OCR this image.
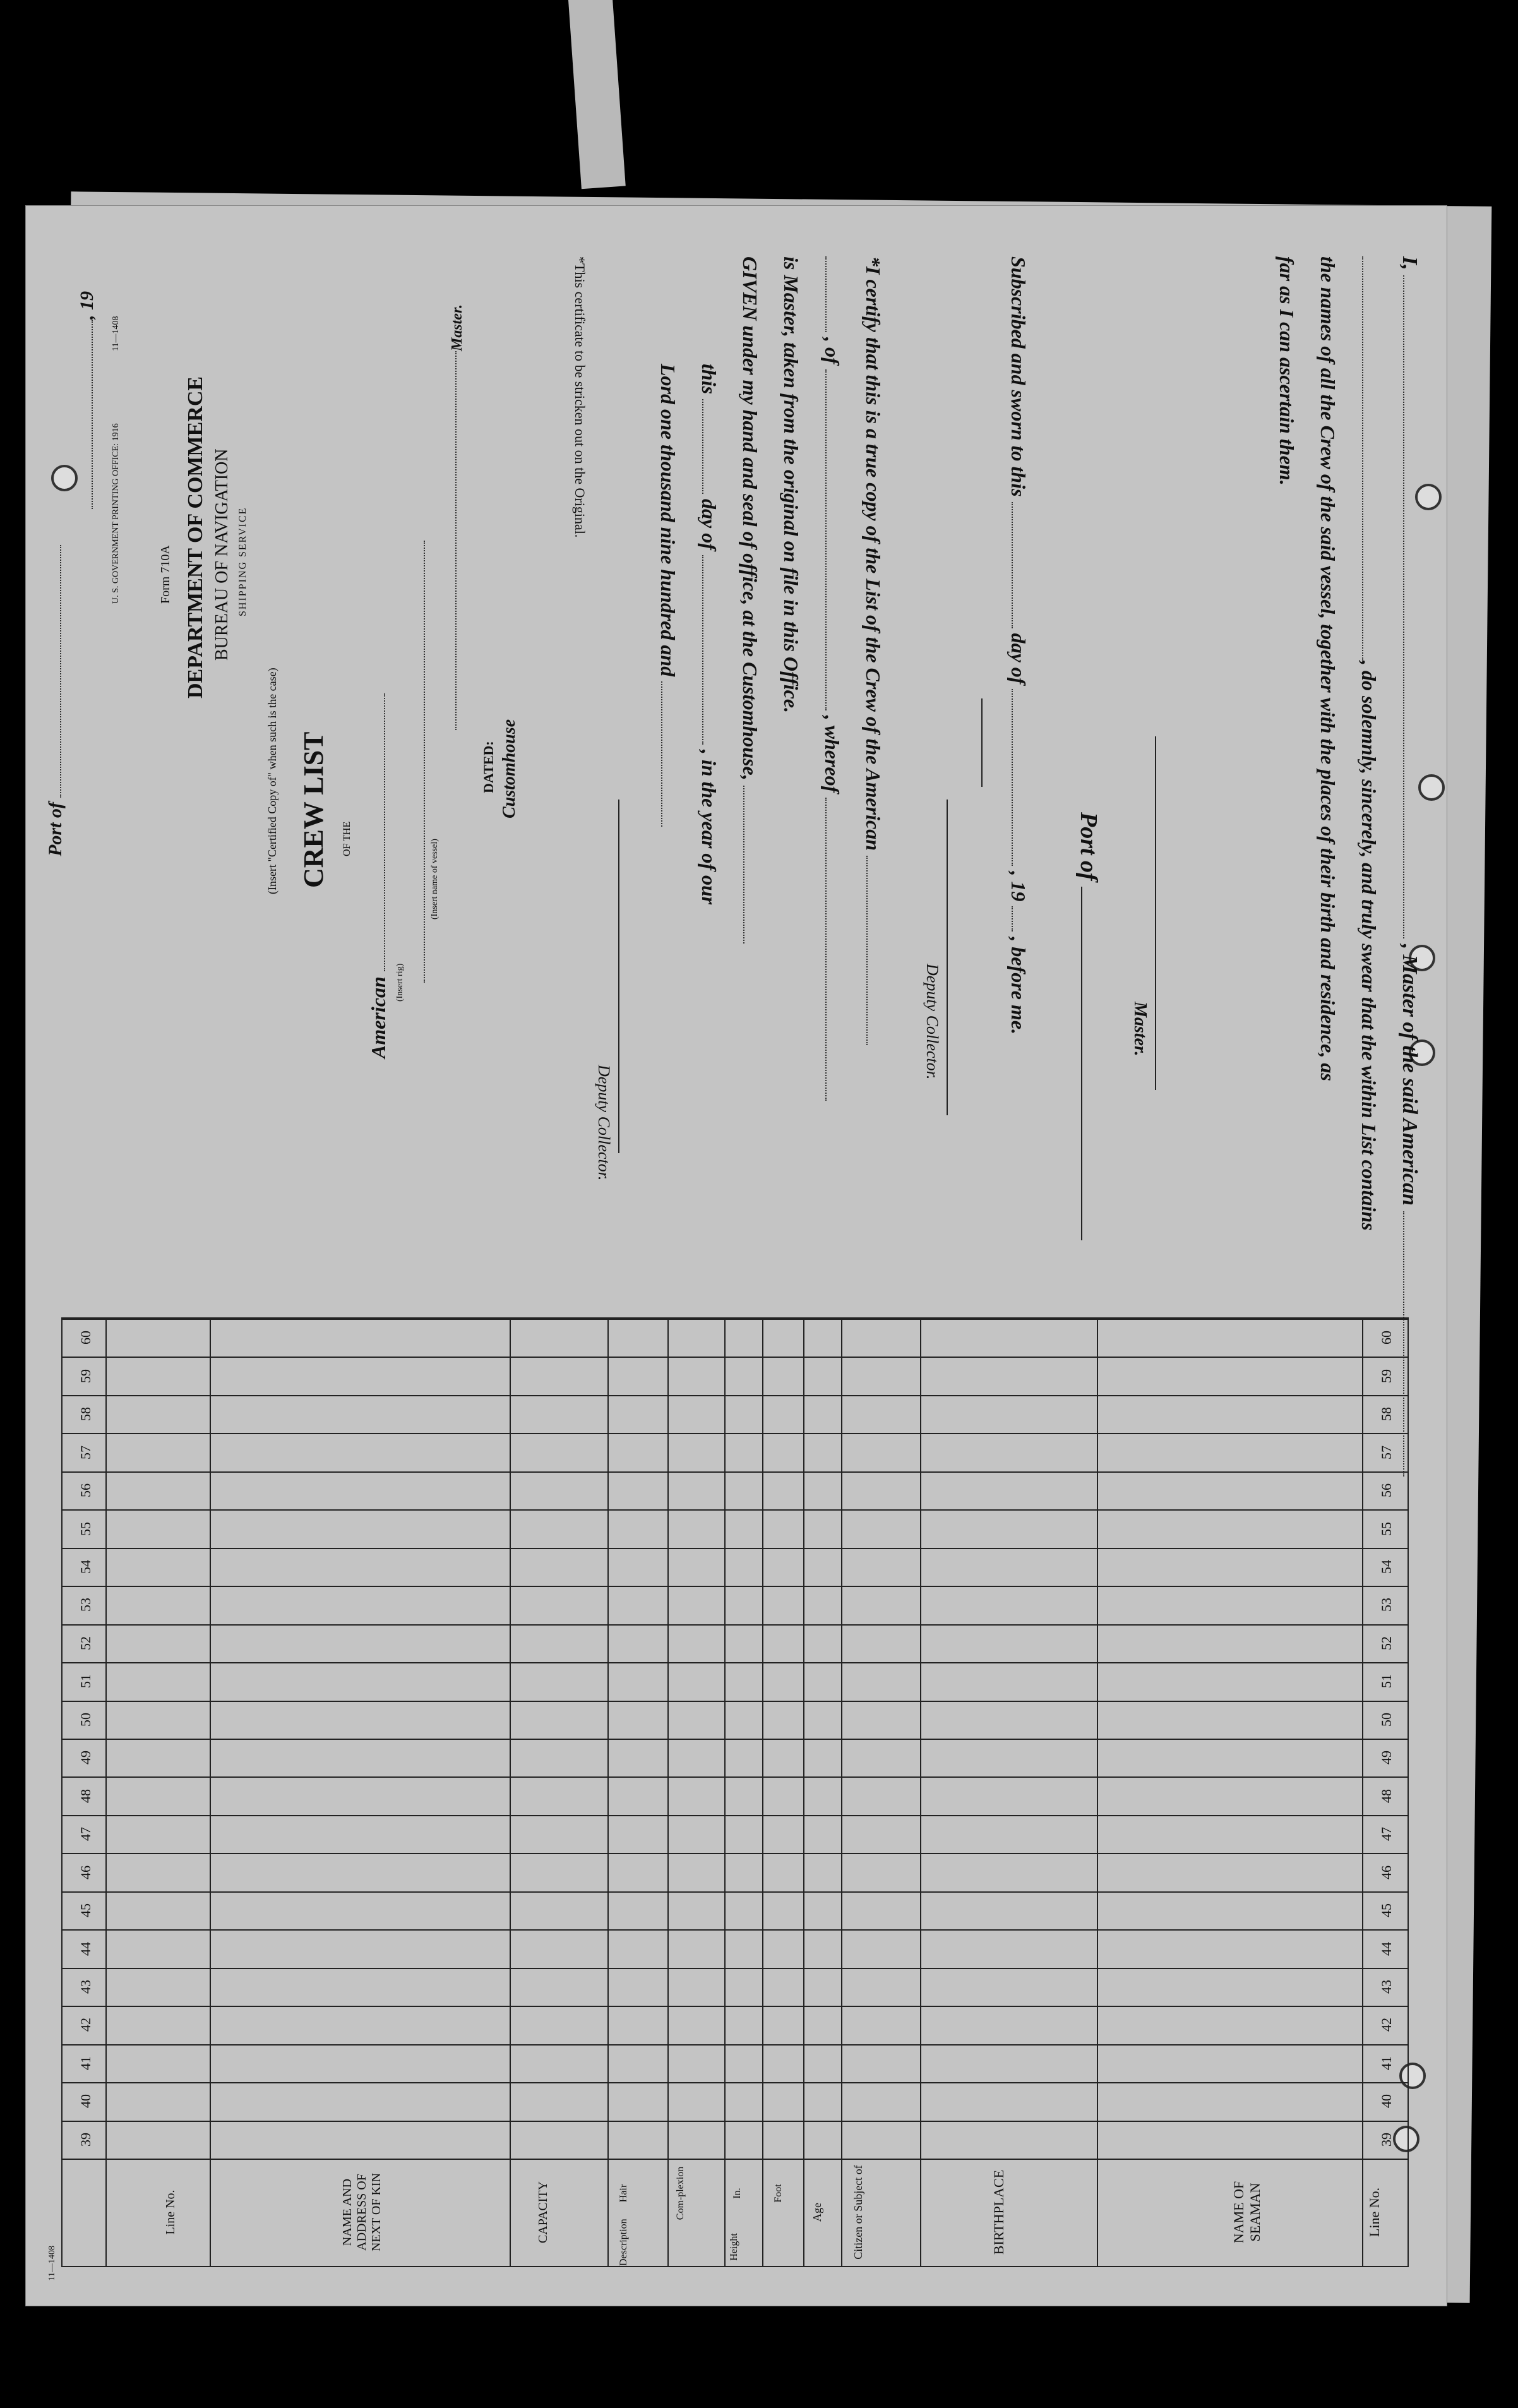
I,  , Master of the said American
, do solemnly, sincerely, and truly swear that the within List contains
the names of all the Crew of the said vessel, together with the places of their birth and residence, as
far as I can ascertain them.
Master.
Port of
Subscribed and sworn to this  day of  , 19  , before me.
Deputy Collector.
*I certify that this is a true copy of the List of the Crew of the American
, of  , whereof
is Master, taken from the original on file in this Office.
GIVEN under my hand and seal of office, at the Customhouse,
this  day of  , in the year of our
Lord one thousand nine hundred and
Deputy Collector.
*This certificate to be stricken out on the Original.
Form 710A DEPARTMENT OF COMMERCE BUREAU OF NAVIGATION SHIPPING SERVICE
(Insert "Certified Copy of" when such is the case) CREW LIST OF THE
American (Insert rig)
(Insert name of vessel)
Master.
DATED: Customhouse
Port of
, 19
U. S. GOVERNMENT PRINTING OFFICE: 1916
11—1408
Line No.
NAME OF SEAMAN
BIRTHPLACE
Citizen or Subject of
Age
Height
Foot
In.
Description
Com-plexion
Hair
CAPACITY
NAME AND ADDRESS OF NEXT OF KIN
Line No.
39
39
40
40
41
41
42
42
43
43
44
44
45
45
46
46
47
47
48
48
49
49
50
50
51
51
52
52
53
53
54
54
55
55
56
56
57
57
58
58
59
59
60
60
11—1408
